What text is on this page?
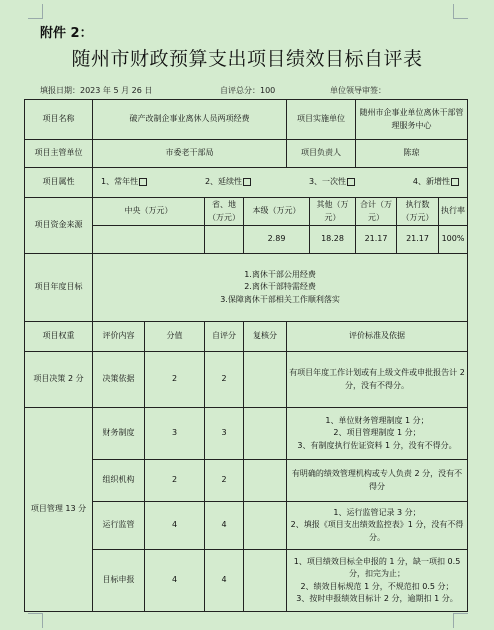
附件 2：
随州市财政预算支出项目绩效目标自评表
填报日期：2023 年 5 月 26 日	自评总分：100	单位领导审签：
项目名称	破产改制企事业离休人员两项经费				项目实施单位		随州市企事业单位离休干部管理服务中心		
项目主管单位	市委老干部局				项目负责人		陈琼		
项目属性	1、常年性 2、延续性 3、一次性 4、新增性								

项目资金来源	中央（万元）		省、地（万元）	本级（万元）		其他（万元）	合计（万元）	执行数（万元）	执行率
				2.89		18.28	21.17	21.17	100%
项目年度目标	1.离休干部公用经费
2.离休干部特需经费
3.保障离休干部相关工作顺利落实								

项目权重	评价内容	分值	自评分	复核分	评价标准及依据				
项目决策 2 分	决策依据	2	2		有项目年度工作计划或有上级文件或申批报告计 2 分，没有不得分。				

项目管理 13 分	财务制度	3	3		1、单位财务管理制度 1 分；
2、项目管理制度 1 分；
3、有制度执行佐证资料 1 分，没有不得分。				

	组织机构	2	2		有明确的绩效管理机构或专人负责 2 分，没有不得分				

	运行监管	4	4		1、运行监管记录 3 分；
2、填报《项目支出绩效监控表》1 分，没有不得分。				

	目标申报	4	4		1、项目绩效目标全申报的 1 分，缺一项扣 0.5 分，扣完为止；
2、绩效目标规范 1 分，不规范扣 0.5 分；
3、按时申报绩效目标计 2 分，逾期扣 1 分。				
